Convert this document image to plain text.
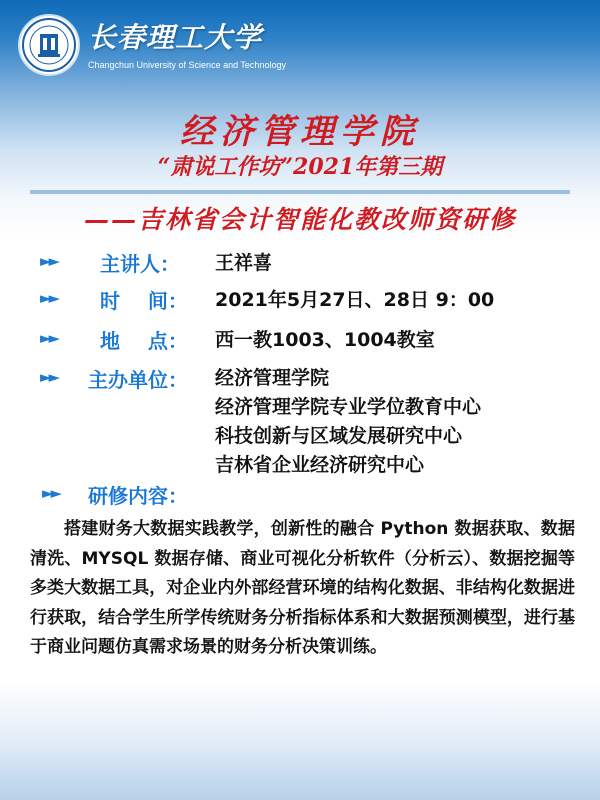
长春理工大学
Changchun University of Science and Technology
经济管理学院
“肃说工作坊”2021年第三期
——吉林省会计智能化教改师资研修
►► 主讲人： 王祥喜
►► 时    间： 2021年5月27日、28日 9：00
►► 地    点： 西一教1003、1004教室
►► 主办单位： 经济管理学院
经济管理学院专业学位教育中心
科技创新与区域发展研究中心
吉林省企业经济研究中心
►► 研修内容：
搭建财务大数据实践教学，创新性的融合 Python 数据获取、数据清洗、MYSQL 数据存储、商业可视化分析软件（分析云）、数据挖掘等多类大数据工具，对企业内外部经营环境的结构化数据、非结构化数据进行获取，结合学生所学传统财务分析指标体系和大数据预测模型，进行基于商业问题仿真需求场景的财务分析决策训练。
